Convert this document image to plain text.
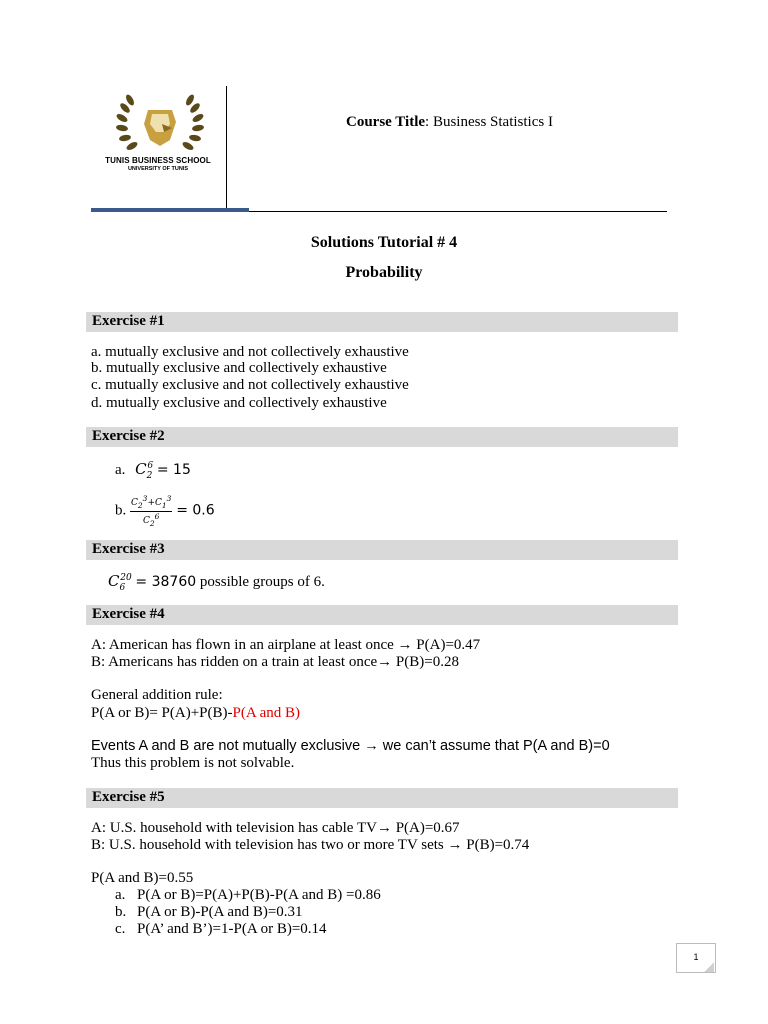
TUNIS BUSINESS SCHOOL
UNIVERSITY OF TUNIS
Course Title: Business Statistics I
Solutions Tutorial # 4
Probability
Exercise #1
a. mutually exclusive and not collectively exhaustive
b. mutually exclusive and collectively exhaustive
c. mutually exclusive and not collectively exhaustive
d. mutually exclusive and collectively exhaustive
Exercise #2
a. $C_2^6 = 15$
b. $\frac{C_2^3+C_1^3}{C_2^6} = 0.6$
Exercise #3
$C_6^{20} = 38760$ possible groups of 6.
Exercise #4
A: American has flown in an airplane at least once → P(A)=0.47
B: Americans has ridden on a train at least once→ P(B)=0.28
General addition rule:
P(A or B)= P(A)+P(B)-P(A and B)
Events A and B are not mutually exclusive → we can’t assume that P(A and B)=0
Thus this problem is not solvable.
Exercise #5
A: U.S. household with television has cable TV→ P(A)=0.67
B: U.S. household with television has two or more TV sets → P(B)=0.74
P(A and B)=0.55
a. P(A or B)=P(A)+P(B)-P(A and B) =0.86
b. P(A or B)-P(A and B)=0.31
c. P(A’ and B’)=1-P(A or B)=0.14
1
